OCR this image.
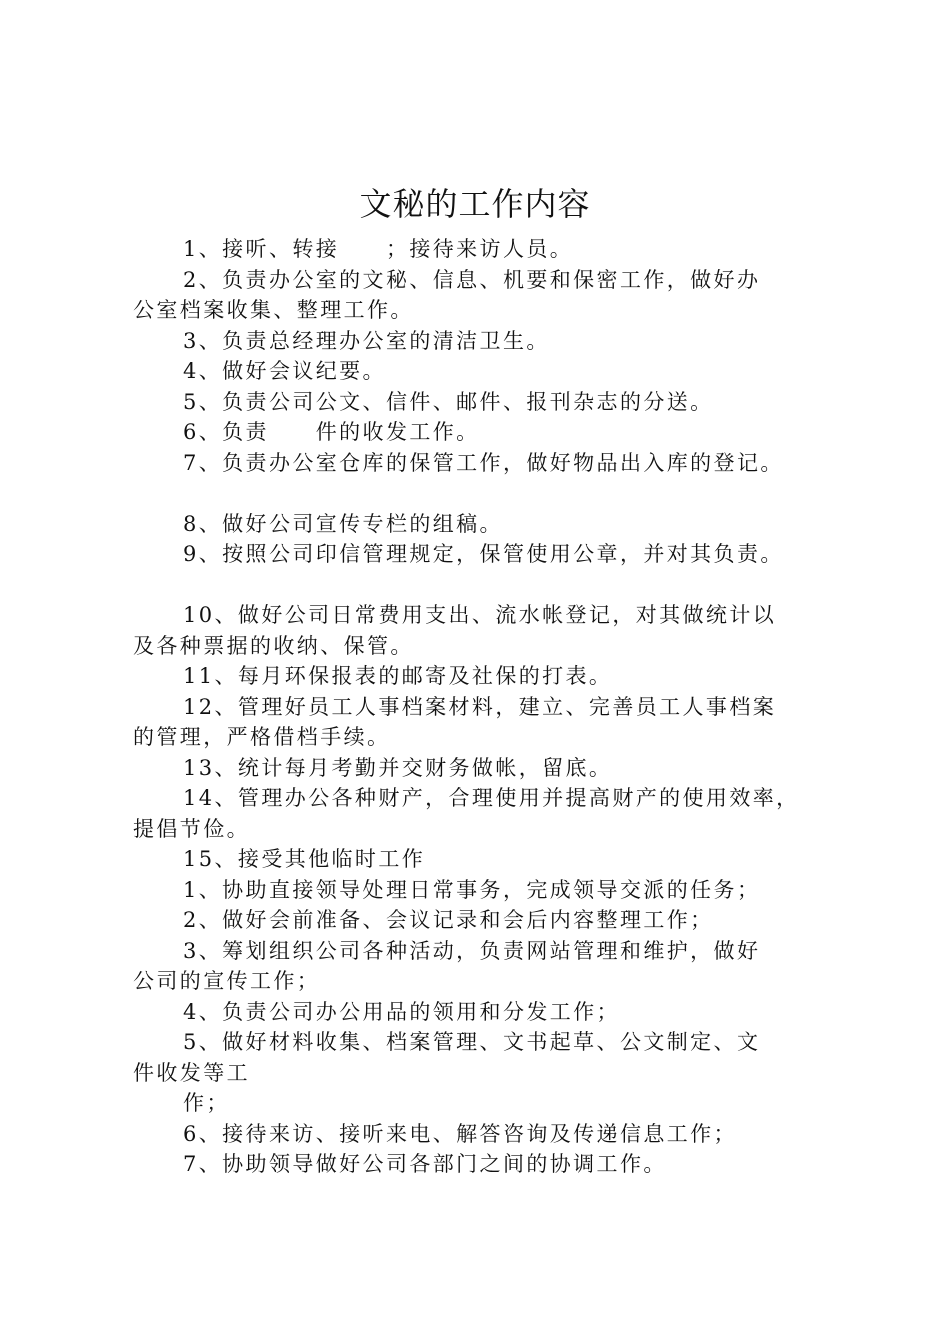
文秘的工作内容
1、接听、转接　　；接待来访人员。
2、负责办公室的文秘、信息、机要和保密工作，做好办
公室档案收集、整理工作。
3、负责总经理办公室的清洁卫生。
4、做好会议纪要。
5、负责公司公文、信件、邮件、报刊杂志的分送。
6、负责　　件的收发工作。
7、负责办公室仓库的保管工作，做好物品出入库的登记。
8、做好公司宣传专栏的组稿。
9、按照公司印信管理规定，保管使用公章，并对其负责。
10、做好公司日常费用支出、流水帐登记，对其做统计以
及各种票据的收纳、保管。
11、每月环保报表的邮寄及社保的打表。
12、管理好员工人事档案材料，建立、完善员工人事档案
的管理，严格借档手续。
13、统计每月考勤并交财务做帐，留底。
14、管理办公各种财产，合理使用并提高财产的使用效率，
提倡节俭。
15、接受其他临时工作
1、协助直接领导处理日常事务，完成领导交派的任务；
2、做好会前准备、会议记录和会后内容整理工作；
3、筹划组织公司各种活动，负责网站管理和维护，做好
公司的宣传工作；
4、负责公司办公用品的领用和分发工作；
5、做好材料收集、档案管理、文书起草、公文制定、文
件收发等工
作；
6、接待来访、接听来电、解答咨询及传递信息工作；
7、协助领导做好公司各部门之间的协调工作。
